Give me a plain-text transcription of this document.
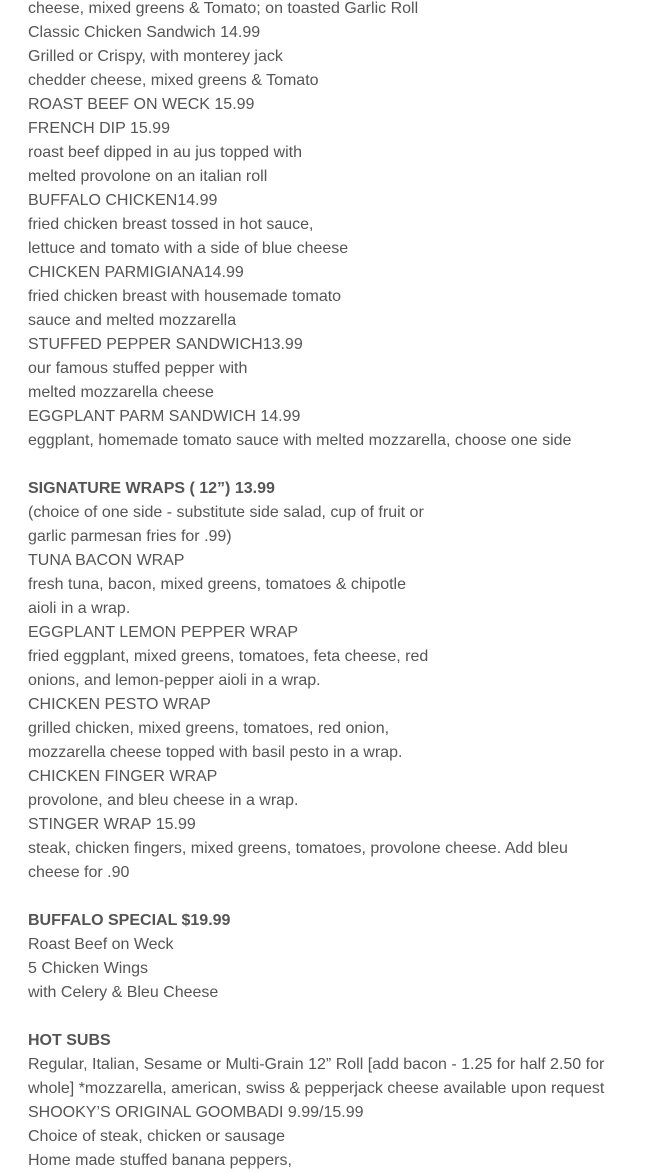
cheese, mixed greens & Tomato; on toasted Garlic Roll
Classic Chicken Sandwich 14.99
Grilled or Crispy, with monterey jack
chedder cheese, mixed greens & Tomato
ROAST BEEF ON WECK 15.99
FRENCH DIP 15.99
roast beef dipped in au jus topped with
melted provolone on an italian roll
BUFFALO CHICKEN14.99
fried chicken breast tossed in hot sauce,
lettuce and tomato with a side of blue cheese
CHICKEN PARMIGIANA14.99
fried chicken breast with housemade tomato
sauce and melted mozzarella
STUFFED PEPPER SANDWICH13.99
our famous stuffed pepper with
melted mozzarella cheese
EGGPLANT PARM SANDWICH 14.99
eggplant, homemade tomato sauce with melted mozzarella, choose one side
SIGNATURE WRAPS ( 12”) 13.99
(choice of one side - substitute side salad, cup of fruit or
garlic parmesan fries for .99)
TUNA BACON WRAP
fresh tuna, bacon, mixed greens, tomatoes & chipotle
aioli in a wrap.
EGGPLANT LEMON PEPPER WRAP
fried eggplant, mixed greens, tomatoes, feta cheese, red
onions, and lemon-pepper aioli in a wrap.
CHICKEN PESTO WRAP
grilled chicken, mixed greens, tomatoes, red onion,
mozzarella cheese topped with basil pesto in a wrap.
CHICKEN FINGER WRAP
provolone, and bleu cheese in a wrap.
STINGER WRAP 15.99
steak, chicken fingers, mixed greens, tomatoes, provolone cheese. Add bleu
cheese for .90
BUFFALO SPECIAL $19.99
Roast Beef on Weck
5 Chicken Wings
with Celery & Bleu Cheese
HOT SUBS
Regular, Italian, Sesame or Multi-Grain 12” Roll [add bacon - 1.25 for half 2.50 for
whole] *mozzarella, american, swiss & pepperjack cheese available upon request
SHOOKY’S ORIGINAL GOOMBADI 9.99/15.99
Choice of steak, chicken or sausage
Home made stuffed banana peppers,
